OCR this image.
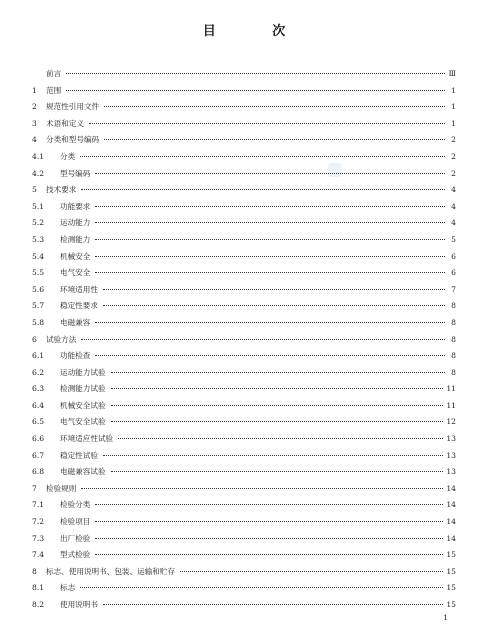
目 次
前言	Ⅲ
1	范围	1
2	规范性引用文件	1
3	术语和定义	1
4	分类和型号编码	2
4.1	分类	2
4.2	型号编码	2
5	技术要求	4
5.1	功能要求	4
5.2	运动能力	4
5.3	检测能力	5
5.4	机械安全	6
5.5	电气安全	6
5.6	环境适用性	7
5.7	稳定性要求	8
5.8	电磁兼容	8
6	试验方法	8
6.1	功能检查	8
6.2	运动能力试验	8
6.3	检测能力试验	11
6.4	机械安全试验	11
6.5	电气安全试验	12
6.6	环境适应性试验	13
6.7	稳定性试验	13
6.8	电磁兼容试验	13
7	检验规则	14
7.1	检验分类	14
7.2	检验项目	14
7.3	出厂检验	14
7.4	型式检验	15
8	标志、使用说明书、包装、运输和贮存	15
8.1	标志	15
8.2	使用说明书	15
1
